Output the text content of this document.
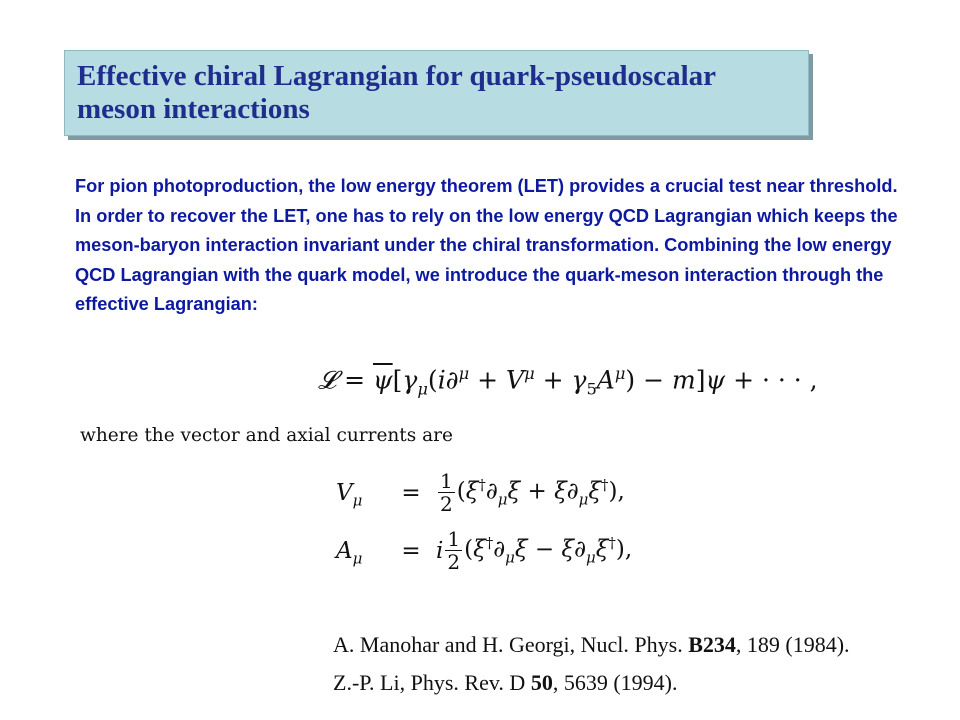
Effective chiral Lagrangian for quark-pseudoscalar
meson interactions

For pion photoproduction, the low energy theorem (LET) provides a crucial test near threshold. In order to recover the LET, one has to rely on the low energy QCD Lagrangian which keeps the meson-baryon interaction invariant under the chiral transformation. Combining the low energy QCD Lagrangian with the quark model, we introduce the quark-meson interaction through the effective Lagrangian:

𝓛 = $\overline{\psi}[\gamma_\mu(i\partial^\mu + V^\mu + \gamma_5A^\mu) - m]\psi$ + · · · ,
where the vector and axial currents are
$V_\mu$	= $\frac{1}{2} (\xi^\dagger\partial_\mu\xi + \xi\partial_\mu\xi^\dagger)$,
$A_\mu$	= i $\frac{1}{2} (\xi^\dagger\partial_\mu\xi - \xi\partial_\mu\xi^\dagger)$,
A. Manohar and H. Georgi, Nucl. Phys. B234, 189 (1984).
Z.-P. Li, Phys. Rev. D 50, 5639 (1994).
